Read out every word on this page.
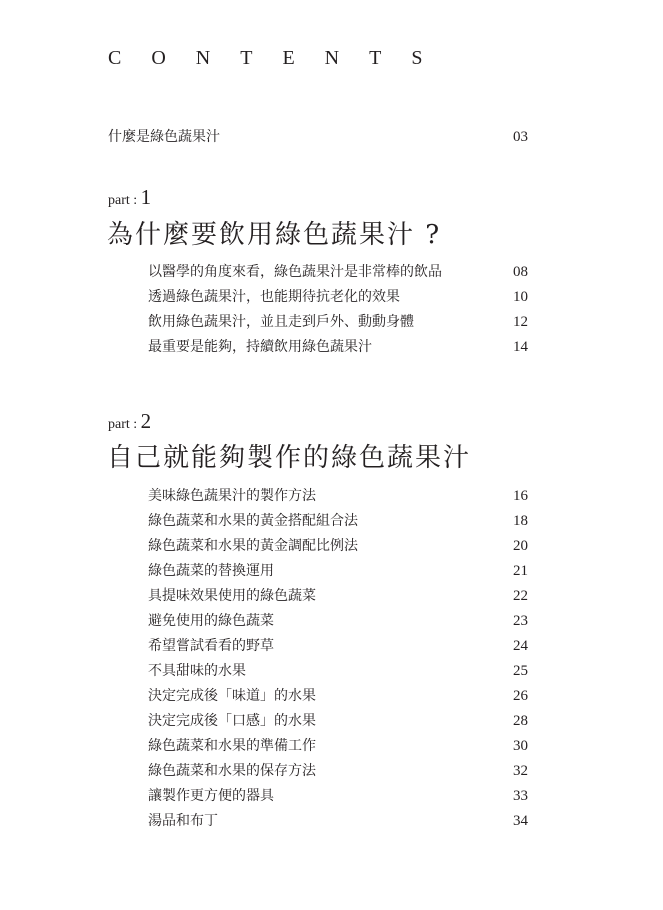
CONTENTS
什麼是綠色蔬果汁	03
part : 1
為什麼要飲用綠色蔬果汁 ?
以醫學的角度來看，綠色蔬果汁是非常棒的飲品	08
透過綠色蔬果汁，也能期待抗老化的效果	10
飲用綠色蔬果汁，並且走到戶外、動動身體	12
最重要是能夠，持續飲用綠色蔬果汁	14
part : 2
自己就能夠製作的綠色蔬果汁
美味綠色蔬果汁的製作方法	16
綠色蔬菜和水果的黃金搭配組合法	18
綠色蔬菜和水果的黃金調配比例法	20
綠色蔬菜的替換運用	21
具提味效果使用的綠色蔬菜	22
避免使用的綠色蔬菜	23
希望嘗試看看的野草	24
不具甜味的水果	25
決定完成後「味道」的水果	26
決定完成後「口感」的水果	28
綠色蔬菜和水果的準備工作	30
綠色蔬菜和水果的保存方法	32
讓製作更方便的器具	33
湯品和布丁	34
